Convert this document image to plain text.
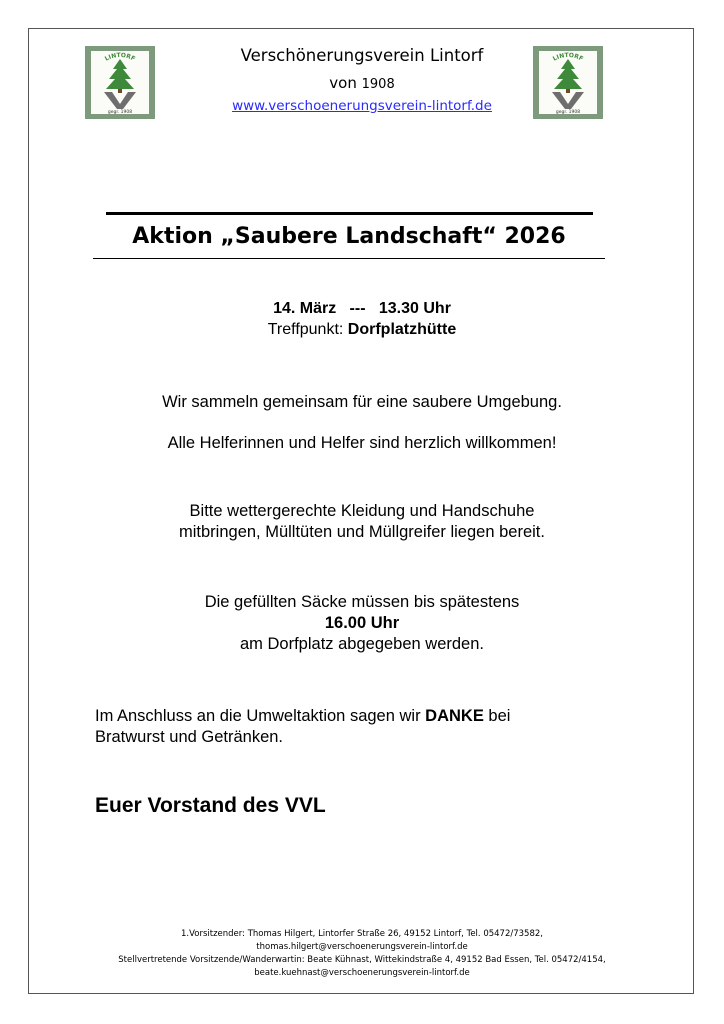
LINTORF
gegr. 1908
LINTORF
gegr. 1908
Verschönerungsverein Lintorf
von 1908
www.verschoenerungsverein-lintorf.de
Aktion „Saubere Landschaft“ 2026
14. März --- 13.30 Uhr
Treffpunkt: Dorfplatzhütte
Wir sammeln gemeinsam für eine saubere Umgebung.
Alle Helferinnen und Helfer sind herzlich willkommen!
Bitte wettergerechte Kleidung und Handschuhe
mitbringen, Mülltüten und Müllgreifer liegen bereit.
Die gefüllten Säcke müssen bis spätestens
16.00 Uhr
am Dorfplatz abgegeben werden.
Im Anschluss an die Umweltaktion sagen wir DANKE bei
Bratwurst und Getränken.
Euer Vorstand des VVL
1.Vorsitzender: Thomas Hilgert, Lintorfer Straße 26, 49152 Lintorf, Tel. 05472/73582,
thomas.hilgert@verschoenerungsverein-lintorf.de
Stellvertretende Vorsitzende/Wanderwartin: Beate Kühnast, Wittekindstraße 4, 49152 Bad Essen, Tel. 05472/4154,
beate.kuehnast@verschoenerungsverein-lintorf.de
